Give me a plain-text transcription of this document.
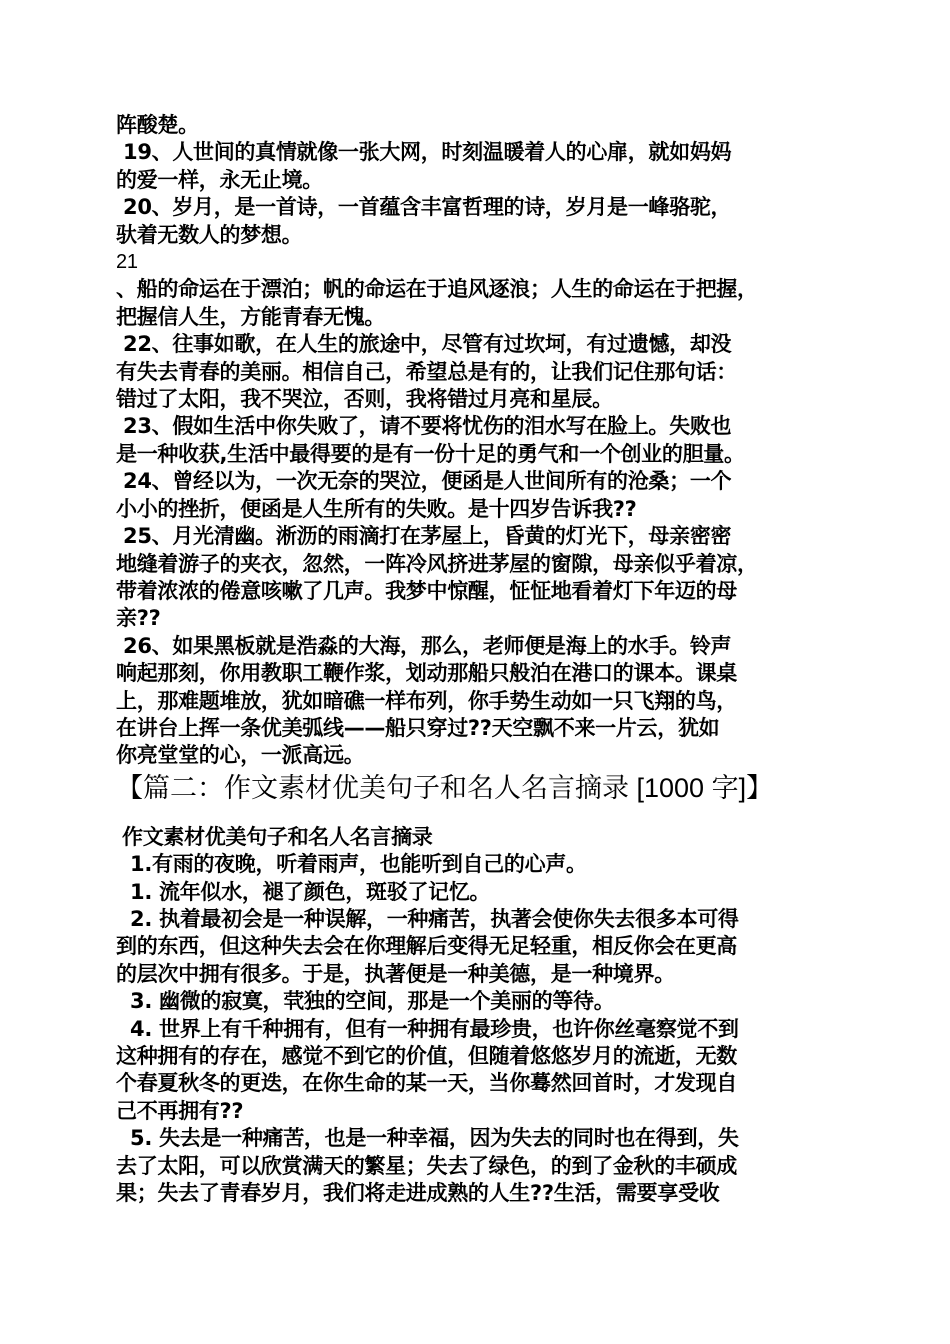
阵酸楚。

19、人世间的真情就像一张大网，时刻温暖着人的心扉，就如妈妈

的爱一样，永无止境。

20、岁月，是一首诗，一首蕴含丰富哲理的诗，岁月是一峰骆驼，

驮着无数人的梦想。

21

、船的命运在于漂泊；帆的命运在于追风逐浪；人生的命运在于把握，

把握信人生，方能青春无愧。

22、往事如歌，在人生的旅途中，尽管有过坎坷，有过遗憾，却没

有失去青春的美丽。相信自己，希望总是有的，让我们记住那句话：

错过了太阳，我不哭泣，否则，我将错过月亮和星辰。

23、假如生活中你失败了，请不要将忧伤的泪水写在脸上。失败也

是一种收获,生活中最得要的是有一份十足的勇气和一个创业的胆量。

24、曾经以为，一次无奈的哭泣，便函是人世间所有的沧桑；一个

小小的挫折，便函是人生所有的失败。是十四岁告诉我??

25、月光清幽。淅沥的雨滴打在茅屋上，昏黄的灯光下，母亲密密

地缝着游子的夹衣，忽然，一阵冷风挤进茅屋的窗隙，母亲似乎着凉，

带着浓浓的倦意咳嗽了几声。我梦中惊醒，怔怔地看着灯下年迈的母

亲??

26、如果黑板就是浩淼的大海，那么，老师便是海上的水手。铃声

响起那刻，你用教职工鞭作浆，划动那船只般泊在港口的课本。课桌

上，那难题堆放，犹如暗礁一样布列，你手势生动如一只飞翔的鸟，

在讲台上挥一条优美弧线——船只穿过??天空飘不来一片云，犹如

你亮堂堂的心，一派高远。

【篇二：作文素材优美句子和名人名言摘录 [1000 字]】

作文素材优美句子和名人名言摘录

1.有雨的夜晚，听着雨声，也能听到自己的心声。

1. 流年似水，褪了颜色，斑驳了记忆。

2. 执着最初会是一种误解，一种痛苦，执著会使你失去很多本可得

到的东西，但这种失去会在你理解后变得无足轻重，相反你会在更高

的层次中拥有很多。于是，执著便是一种美德，是一种境界。

3. 幽微的寂寞，茕独的空间，那是一个美丽的等待。

4. 世界上有千种拥有，但有一种拥有最珍贵，也许你丝毫察觉不到

这种拥有的存在，感觉不到它的价值，但随着悠悠岁月的流逝，无数

个春夏秋冬的更迭，在你生命的某一天，当你蓦然回首时，才发现自

己不再拥有??

5. 失去是一种痛苦，也是一种幸福，因为失去的同时也在得到，失

去了太阳，可以欣赏满天的繁星；失去了绿色，的到了金秋的丰硕成

果；失去了青春岁月，我们将走进成熟的人生??生活，需要享受收
